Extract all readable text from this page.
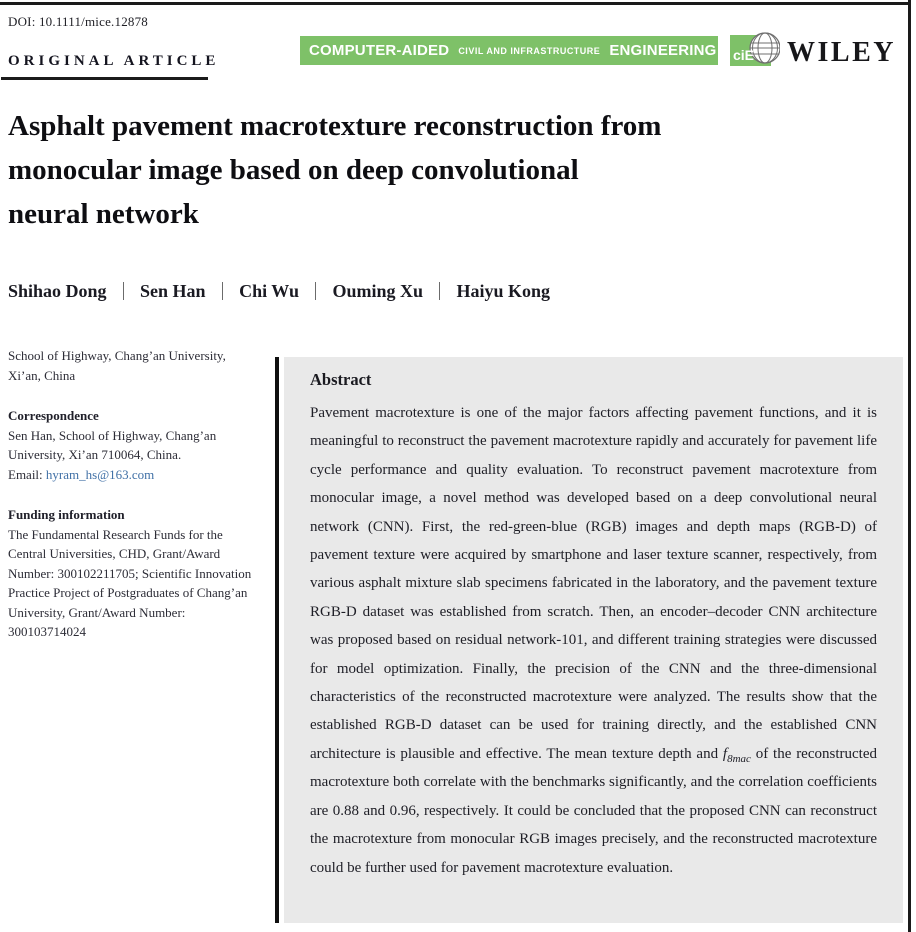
DOI: 10.1111/mice.12878
ORIGINAL ARTICLE
COMPUTER-AIDED CIVIL AND INFRASTRUCTURE ENGINEERING ciE WILEY
Asphalt pavement macrotexture reconstruction from
monocular image based on deep convolutional
neural network
Shihao Dong Sen Han Chi Wu Ouming Xu Haiyu Kong
School of Highway, Chang’an University, Xi’an, China
Correspondence
Sen Han, School of Highway, Chang’an University, Xi’an 710064, China.
Email: hyram_hs@163.com
Funding information
The Fundamental Research Funds for the Central Universities, CHD, Grant/Award Number: 300102211705; Scientific Innovation Practice Project of Postgraduates of Chang’an University, Grant/Award Number: 300103714024
Abstract

Pavement macrotexture is one of the major factors affecting pavement functions, and it is meaningful to reconstruct the pavement macrotexture rapidly and accurately for pavement life cycle performance and quality evaluation. To reconstruct pavement macrotexture from monocular image, a novel method was developed based on a deep convolutional neural network (CNN). First, the red-green-blue (RGB) images and depth maps (RGB-D) of pavement texture were acquired by smartphone and laser texture scanner, respectively, from various asphalt mixture slab specimens fabricated in the laboratory, and the pavement texture RGB-D dataset was established from scratch. Then, an encoder–decoder CNN architecture was proposed based on residual network-101, and different training strategies were discussed for model optimization. Finally, the precision of the CNN and the three-dimensional characteristics of the reconstructed macrotexture were analyzed. The results show that the established RGB-D dataset can be used for training directly, and the established CNN architecture is plausible and effective. The mean texture depth and $f_{8mac}$ of the reconstructed macrotexture both correlate with the benchmarks significantly, and the correlation coefficients are 0.88 and 0.96, respectively. It could be concluded that the proposed CNN can reconstruct the macrotexture from monocular RGB images precisely, and the reconstructed macrotexture could be further used for pavement macrotexture evaluation.
